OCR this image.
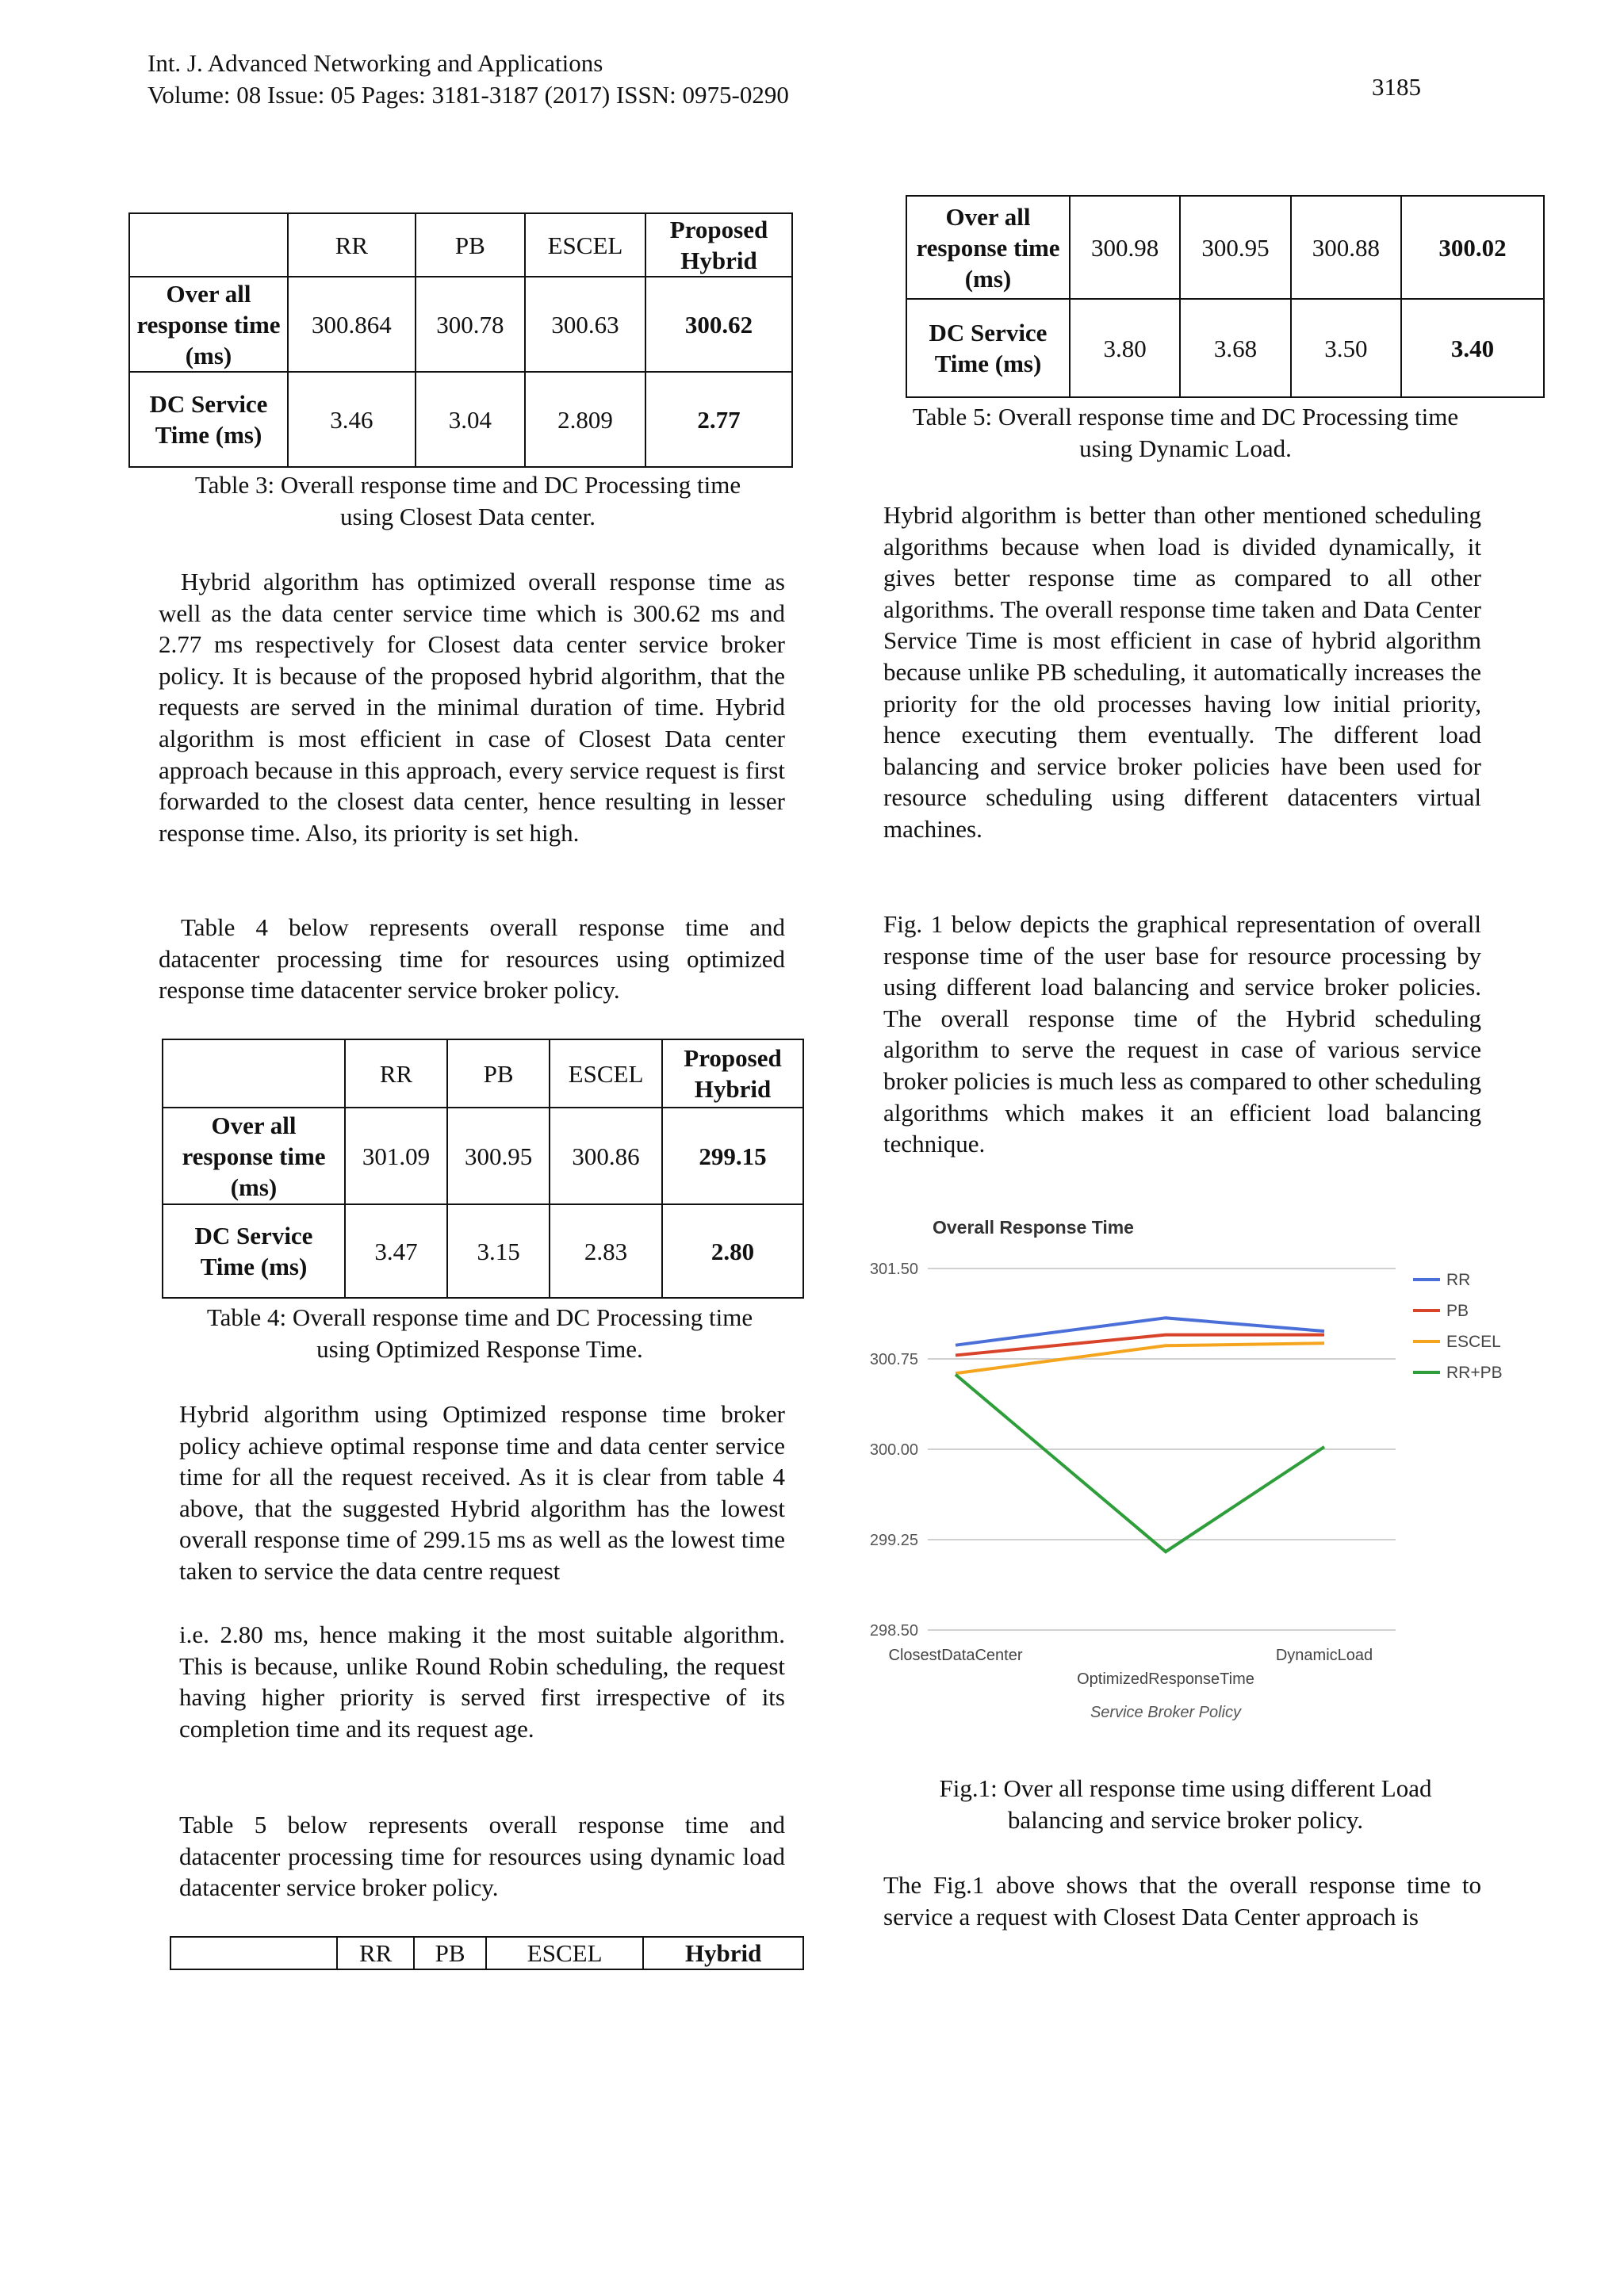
Int. J. Advanced Networking and Applications
Volume: 08 Issue: 05 Pages: 3181-3187 (2017) ISSN: 0975-0290	3185
	RR	PB	ESCEL	Proposed Hybrid
Over all response time (ms)	300.864	300.78	300.63	300.62
DC Service Time (ms)	3.46	3.04	2.809	2.77

Table 3: Overall response time and DC Processing time using Closest Data center.

Hybrid algorithm has optimized overall response time as well as the data center service time which is 300.62 ms and 2.77 ms respectively for Closest data center service broker policy. It is because of the proposed hybrid algorithm, that the requests are served in the minimal duration of time. Hybrid algorithm is most efficient in case of Closest Data center approach because in this approach, every service request is first forwarded to the closest data center, hence resulting in lesser response time. Also, its priority is set high.

Table 4 below represents overall response time and datacenter processing time for resources using optimized response time datacenter service broker policy.

	RR	PB	ESCEL	Proposed Hybrid
Over all response time (ms)	301.09	300.95	300.86	299.15
DC Service Time (ms)	3.47	3.15	2.83	2.80

Table 4: Overall response time and DC Processing time using Optimized Response Time.

Hybrid algorithm using Optimized response time broker policy achieve optimal response time and data center service time for all the request received. As it is clear from table 4 above, that the suggested Hybrid algorithm has the lowest overall response time of 299.15 ms as well as the lowest time taken to service the data centre request

i.e. 2.80 ms, hence making it the most suitable algorithm. This is because, unlike Round Robin scheduling, the request having higher priority is served first irrespective of its completion time and its request age.

Table 5 below represents overall response time and datacenter processing time for resources using dynamic load datacenter service broker policy.

	RR	PB	ESCEL	Hybrid
Over all response time (ms)	300.98	300.95	300.88	300.02
DC Service Time (ms)	3.80	3.68	3.50	3.40

Table 5: Overall response time and DC Processing time using Dynamic Load.

Hybrid algorithm is better than other mentioned scheduling algorithms because when load is divided dynamically, it gives better response time as compared to all other algorithms. The overall response time taken and Data Center Service Time is most efficient in case of hybrid algorithm because unlike PB scheduling, it automatically increases the priority for the old processes having low initial priority, hence executing them eventually. The different load balancing and service broker policies have been used for resource scheduling using different datacenters virtual machines.

Fig. 1 below depicts the graphical representation of overall response time of the user base for resource processing by using different load balancing and service broker policies. The overall response time of the Hybrid scheduling algorithm to serve the request in case of various service broker policies is much less as compared to other scheduling algorithms which makes it an efficient load balancing technique.

Overall Response Time
301.50
300.75
300.00
299.25
298.50
ClosestDataCenter
OptimizedResponseTime
DynamicLoad
Service Broker Policy
RR
PB
ESCEL
RR+PB

Fig.1: Over all response time using different Load balancing and service broker policy.

The Fig.1 above shows that the overall response time to service a request with Closest Data Center approach is
